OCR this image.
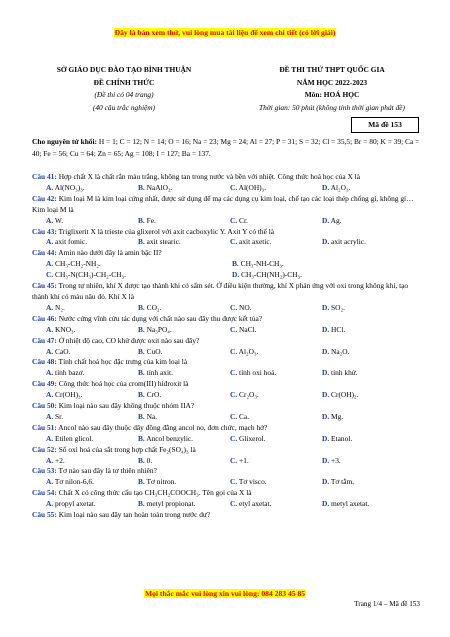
Đây là bản xem thử, vui lòng mua tài liệu để xem chi tiết (có lời giải)
SỞ GIÁO DỤC ĐÀO TẠO BÌNH THUẬN
ĐỀ CHÍNH THỨC
(Đề thi có 04 trang)
(40 câu trắc nghiệm)
ĐỀ THI THỬ THPT QUỐC GIA
NĂM HỌC 2022-2023
Môn: HOÁ HỌC
Thời gian: 50 phút (không tính thời gian phát đề)
Mã đề 153
Cho nguyên tử khối: H = 1; C = 12; N = 14; O = 16; Na = 23; Mg = 24; Al = 27; P = 31; S = 32; Cl = 35,5; Br = 80; K = 39; Ca = 40; Fe = 56; Cu = 64; Zn = 65; Ag = 108; I = 127; Ba = 137.

Câu 41: Hợp chất X là chất rắn màu trắng, không tan trong nước và bền với nhiệt. Công thức hoá học của X là

A. Al(NO₃)₃.	B. NaAlO₂.	C. Al(OH)₃.	D. Al₂O₃.

Câu 42: Kim loại M là kim loại cứng nhất, được sử dụng để mạ các dụng cụ kim loại, chế tạo các loại thép chống gỉ, không gỉ… Kim loại M là

A. W.	B. Fe.	C. Cr.	D. Ag.

Câu 43: Triglixerit X là trieste của glixerol với axit cacboxylic Y. Axit Y có thể là

A. axit fomic.	B. axit stearic.	C. axit axetic.	D. axit acrylic.

Câu 44: Amin nào dưới đây là amin bậc II?

A. CH₃-CH₂-NH₂.	B. CH₃-NH-CH₃.
C. CH₃-N(CH₃)-CH₂-CH₃.	D. CH₃-CH(NH₂)-CH₃.

Câu 45: Trong tự nhiên, khí X được tạo thành khi có sấm sét. Ở điều kiện thường, khí X phản ứng với oxi trong không khí, tạo thành khí có màu nâu đỏ. Khí X là

A. N₂.	B. CO₂.	C. NO.	D. SO₂.

Câu 46: Nước cứng vĩnh cửu tác dụng với chất nào sau đây thu được kết tủa?

A. KNO₃.	B. Na₃PO₄.	C. NaCl.	D. HCl.

Câu 47: Ở nhiệt độ cao, CO khử được oxit nào sau đây?

A. CaO.	B. CuO.	C. Al₂O₃.	D. Na₂O.

Câu 48: Tính chất hoá học đặc trưng của kim loại là

A. tính bazơ.	B. tính axit.	C. tính oxi hoá.	D. tính khử.

Câu 49: Công thức hoá học của crom(III) hiđroxit là

A. Cr(OH)₃.	B. CrO.	C. Cr₂O₃.	D. Cr(OH)₂.

Câu 50: Kim loại nào sau đây không thuộc nhóm IIA?

A. Sr.	B. Na.	C. Ca.	D. Mg.

Câu 51: Ancol nào sau đây thuộc dãy đồng đẳng ancol no, đơn chức, mạch hở?

A. Etilen glicol.	B. Ancol benzylic.	C. Glixerol.	D. Etanol.

Câu 52: Số oxi hoá của sắt trong hợp chất Fe₂(SO₄)₃ là

A. +2.	B. 0.	C. +1.	D. +3.

Câu 53: Tơ nào sau đây là tơ thiên nhiên?

A. Tơ nilon-6,6.	B. Tơ nitron.	C. Tơ visco.	D. Tơ tằm.

Câu 54: Chất X có công thức cấu tạo CH₃CH₂COOCH₃. Tên gọi của X là

A. propyl axetat.	B. metyl propionat.	C. etyl axetat.	D. metyl axetat.

Câu 55: Kim loại nào sau đây tan hoàn toàn trong nước dư?

Mọi thắc mắc vui lòng xin vui lòng: 084 283 45 85
Trang 1/4 – Mã đề 153
